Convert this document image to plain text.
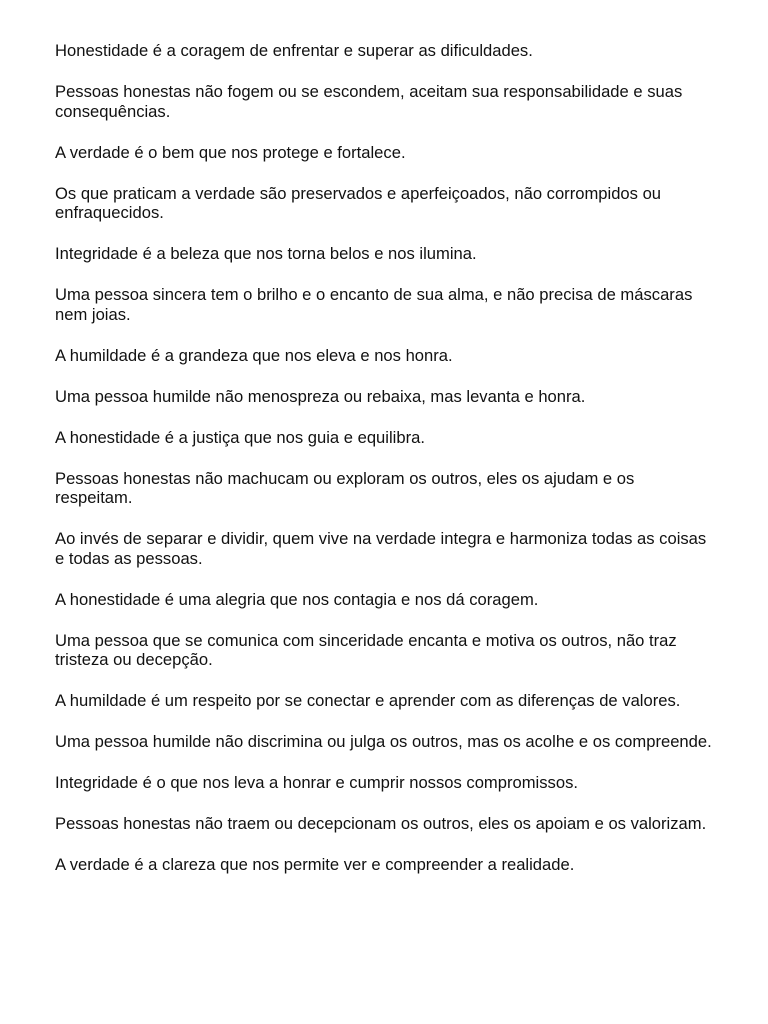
Honestidade é a coragem de enfrentar e superar as dificuldades.

Pessoas honestas não fogem ou se escondem, aceitam sua responsabilidade e suas consequências.

A verdade é o bem que nos protege e fortalece.

Os que praticam a verdade são preservados e aperfeiçoados, não corrompidos ou enfraquecidos.

Integridade é a beleza que nos torna belos e nos ilumina.

Uma pessoa sincera tem o brilho e o encanto de sua alma, e não precisa de máscaras nem joias.

A humildade é a grandeza que nos eleva e nos honra.

Uma pessoa humilde não menospreza ou rebaixa, mas levanta e honra.

A honestidade é a justiça que nos guia e equilibra.

Pessoas honestas não machucam ou exploram os outros, eles os ajudam e os respeitam.

Ao invés de separar e dividir, quem vive na verdade integra e harmoniza todas as coisas e todas as pessoas.

A honestidade é uma alegria que nos contagia e nos dá coragem.

Uma pessoa que se comunica com sinceridade encanta e motiva os outros, não traz tristeza ou decepção.

A humildade é um respeito por se conectar e aprender com as diferenças de valores.

Uma pessoa humilde não discrimina ou julga os outros, mas os acolhe e os compreende.

Integridade é o que nos leva a honrar e cumprir nossos compromissos.

Pessoas honestas não traem ou decepcionam os outros, eles os apoiam e os valorizam.

A verdade é a clareza que nos permite ver e compreender a realidade.
